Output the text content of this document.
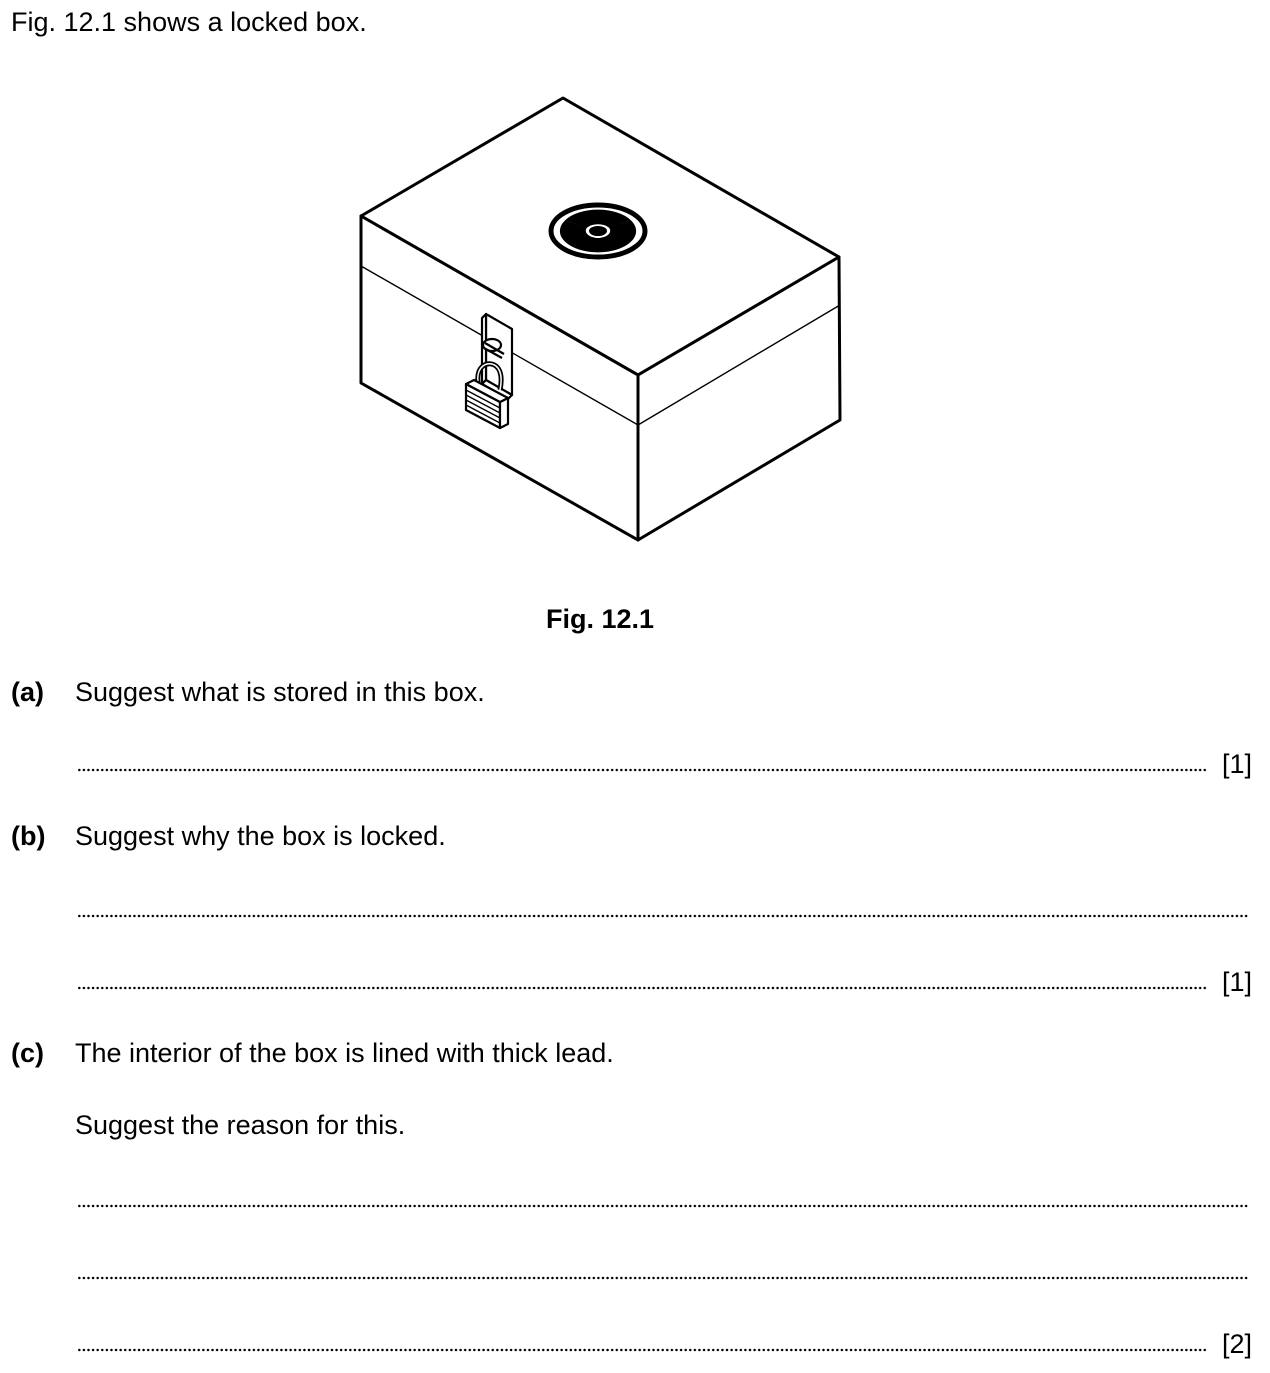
Fig. 12.1 shows a locked box.
Fig. 12.1
(a) Suggest what is stored in this box.
[1]
(b) Suggest why the box is locked.
[1]
(c) The interior of the box is lined with thick lead.
Suggest the reason for this.
[2]
